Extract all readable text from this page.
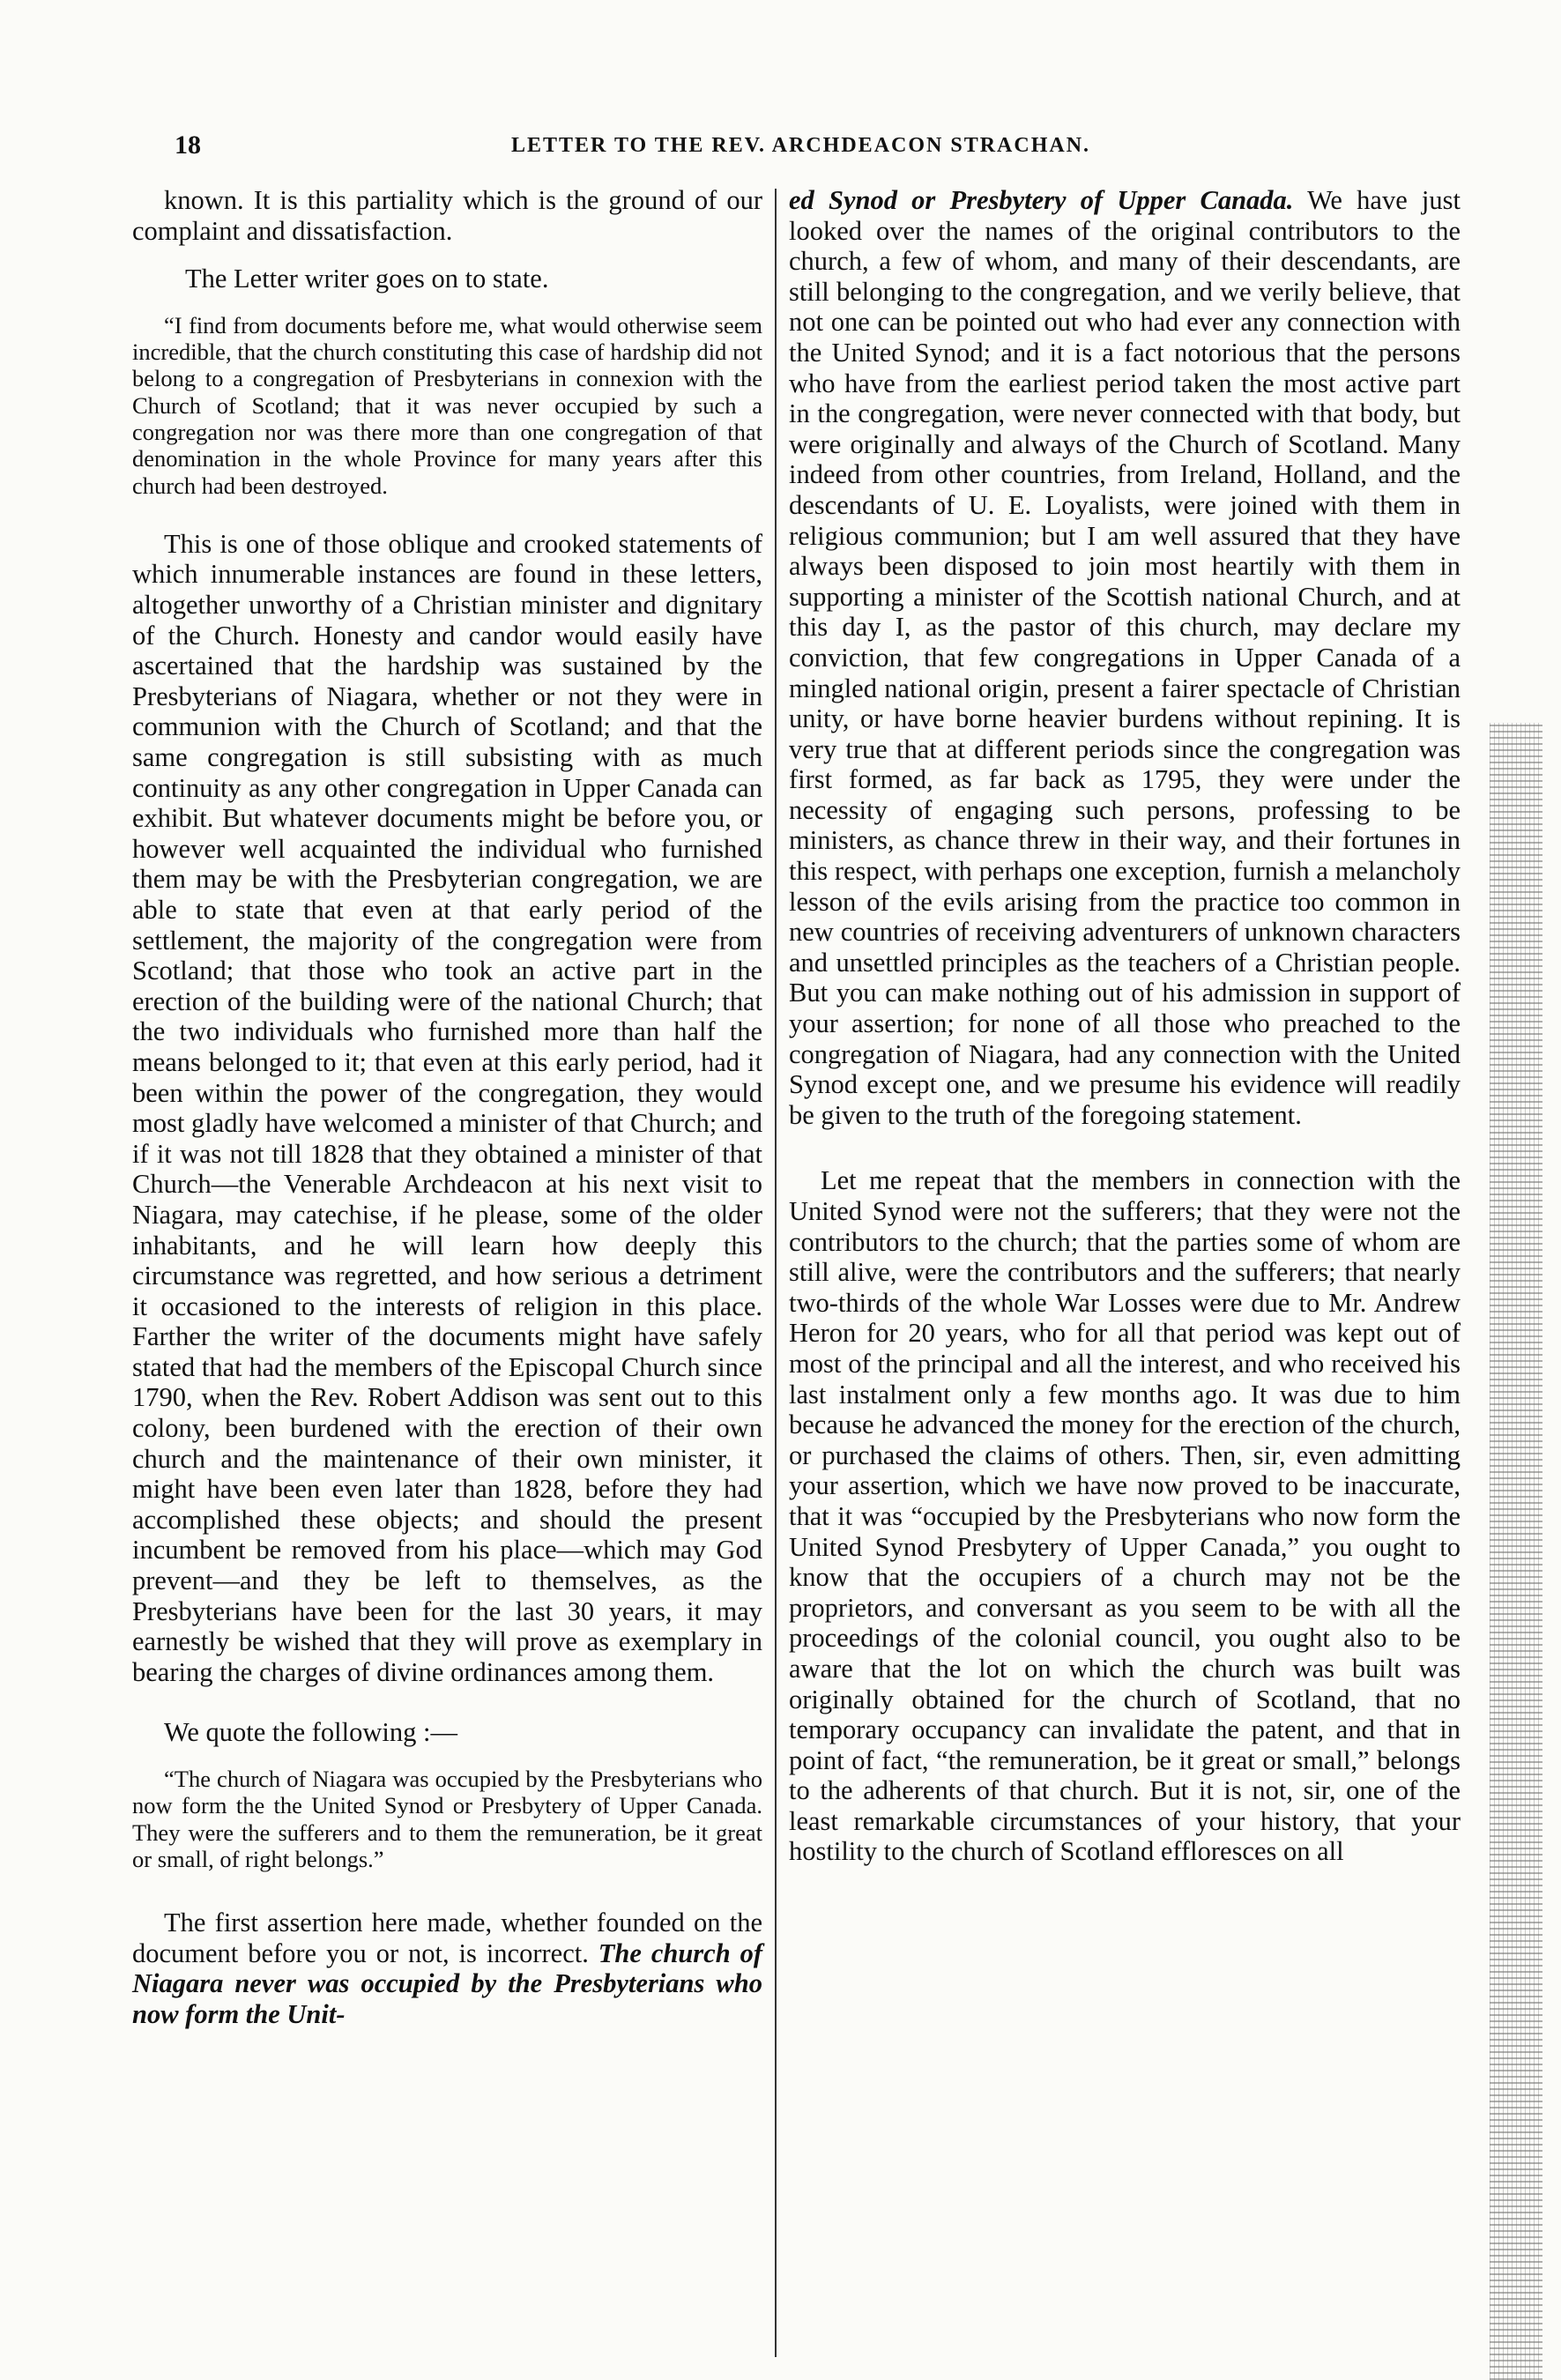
18	LETTER TO THE REV. ARCHDEACON STRACHAN.

known. It is this partiality which is the ground of our complaint and dissatisfaction.

The Letter writer goes on to state.

“I find from documents before me, what would otherwise seem incredible, that the church constituting this case of hardship did not belong to a congregation of Presbyterians in connexion with the Church of Scotland; that it was never occupied by such a congregation nor was there more than one congregation of that denomination in the whole Province for many years after this church had been destroyed.

This is one of those oblique and crooked statements of which innumerable instances are found in these letters, altogether unworthy of a Christian minister and dignitary of the Church. Honesty and candor would easily have ascertained that the hardship was sustained by the Presbyterians of Niagara, whether or not they were in communion with the Church of Scotland; and that the same congregation is still subsisting with as much continuity as any other congregation in Upper Canada can exhibit. But whatever documents might be before you, or however well acquainted the individual who furnished them may be with the Presbyterian congregation, we are able to state that even at that early period of the settlement, the majority of the congregation were from Scotland; that those who took an active part in the erection of the building were of the national Church; that the two individuals who furnished more than half the means belonged to it; that even at this early period, had it been within the power of the congregation, they would most gladly have welcomed a minister of that Church; and if it was not till 1828 that they obtained a minister of that Church—the Venerable Archdeacon at his next visit to Niagara, may catechise, if he please, some of the older inhabitants, and he will learn how deeply this circumstance was regretted, and how serious a detriment it occasioned to the interests of religion in this place. Farther the writer of the documents might have safely stated that had the members of the Episcopal Church since 1790, when the Rev. Robert Addison was sent out to this colony, been burdened with the erection of their own church and the maintenance of their own minister, it might have been even later than 1828, before they had accomplished these objects; and should the present incumbent be removed from his place—which may God prevent—and they be left to themselves, as the Presbyterians have been for the last 30 years, it may earnestly be wished that they will prove as exemplary in bearing the charges of divine ordinances among them.

We quote the following :—

“The church of Niagara was occupied by the Presbyterians who now form the the United Synod or Presbytery of Upper Canada. They were the sufferers and to them the remuneration, be it great or small, of right belongs.”

The first assertion here made, whether founded on the document before you or not, is incorrect. The church of Niagara never was occupied by the Presbyterians who now form the Unit-

ed Synod or Presbytery of Upper Canada. We have just looked over the names of the original contributors to the church, a few of whom, and many of their descendants, are still belonging to the congregation, and we verily believe, that not one can be pointed out who had ever any connection with the United Synod; and it is a fact notorious that the persons who have from the earliest period taken the most active part in the congregation, were never connected with that body, but were originally and always of the Church of Scotland. Many indeed from other countries, from Ireland, Holland, and the descendants of U. E. Loyalists, were joined with them in religious communion; but I am well assured that they have always been disposed to join most heartily with them in supporting a minister of the Scottish national Church, and at this day I, as the pastor of this church, may declare my conviction, that few congregations in Upper Canada of a mingled national origin, present a fairer spectacle of Christian unity, or have borne heavier burdens without repining. It is very true that at different periods since the congregation was first formed, as far back as 1795, they were under the necessity of engaging such persons, professing to be ministers, as chance threw in their way, and their fortunes in this respect, with perhaps one exception, furnish a melancholy lesson of the evils arising from the practice too common in new countries of receiving adventurers of unknown characters and unsettled principles as the teachers of a Christian people. But you can make nothing out of his admission in support of your assertion; for none of all those who preached to the congregation of Niagara, had any connection with the United Synod except one, and we presume his evidence will readily be given to the truth of the foregoing statement.

Let me repeat that the members in connection with the United Synod were not the sufferers; that they were not the contributors to the church; that the parties some of whom are still alive, were the contributors and the sufferers; that nearly two-thirds of the whole War Losses were due to Mr. Andrew Heron for 20 years, who for all that period was kept out of most of the principal and all the interest, and who received his last instalment only a few months ago. It was due to him because he advanced the money for the erection of the church, or purchased the claims of others. Then, sir, even admitting your assertion, which we have now proved to be inaccurate, that it was “occupied by the Presbyterians who now form the United Synod Presbytery of Upper Canada,” you ought to know that the occupiers of a church may not be the proprietors, and conversant as you seem to be with all the proceedings of the colonial council, you ought also to be aware that the lot on which the church was built was originally obtained for the church of Scotland, that no temporary occupancy can invalidate the patent, and that in point of fact, “the remuneration, be it great or small,” belongs to the adherents of that church. But it is not, sir, one of the least remarkable circumstances of your history, that your hostility to the church of Scotland effloresces on all
